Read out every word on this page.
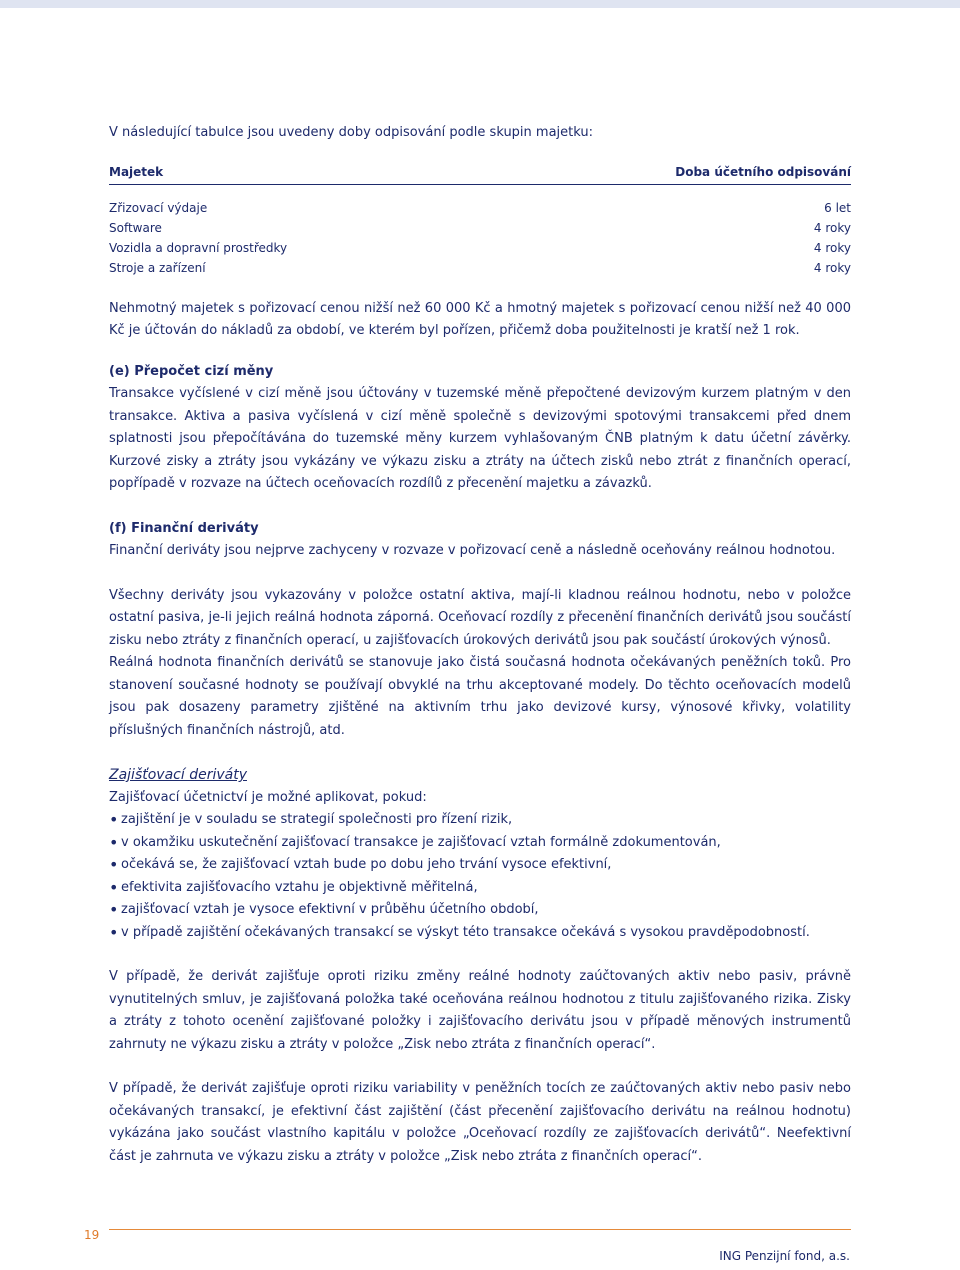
V následující tabulce jsou uvedeny doby odpisování podle skupin majetku:

Majetek	Doba účetního odpisování
Zřizovací výdaje	6 let
Software	4 roky
Vozidla a dopravní prostředky	4 roky
Stroje a zařízení	4 roky

Nehmotný majetek s pořizovací cenou nižší než 60 000 Kč a hmotný majetek s pořizovací cenou nižší než 40 000 Kč je účtován do nákladů za období, ve kterém byl pořízen, přičemž doba použitelnosti je kratší než 1 rok.

(e) Přepočet cizí měny

Transakce vyčíslené v cizí měně jsou účtovány v tuzemské měně přepočtené devizovým kurzem platným v den transakce. Aktiva a pasiva vyčíslená v cizí měně společně s devizovými spotovými transakcemi před dnem splatnosti jsou přepočítávána do tuzemské měny kurzem vyhlašovaným ČNB platným k datu účetní závěrky. Kurzové zisky a ztráty jsou vykázány ve výkazu zisku a ztráty na účtech zisků nebo ztrát z finančních operací, popřípadě v rozvaze na účtech oceňovacích rozdílů z přecenění majetku a závazků.

(f) Finanční deriváty

Finanční deriváty jsou nejprve zachyceny v rozvaze v pořizovací ceně a následně oceňovány reálnou hodnotou.

Všechny deriváty jsou vykazovány v položce ostatní aktiva, mají-li kladnou reálnou hodnotu, nebo v položce ostatní pasiva, je-li jejich reálná hodnota záporná. Oceňovací rozdíly z přecenění finančních derivátů jsou součástí zisku nebo ztráty z finančních operací, u zajišťovacích úrokových derivátů jsou pak součástí úrokových výnosů.

Reálná hodnota finančních derivátů se stanovuje jako čistá současná hodnota očekávaných peněžních toků. Pro stanovení současné hodnoty se používají obvyklé na trhu akceptované modely. Do těchto oceňovacích modelů jsou pak dosazeny parametry zjištěné na aktivním trhu jako devizové kursy, výnosové křivky, volatility příslušných finančních nástrojů, atd.

Zajišťovací deriváty

Zajišťovací účetnictví je možné aplikovat, pokud:

• zajištění je v souladu se strategií společnosti pro řízení rizik,
• v okamžiku uskutečnění zajišťovací transakce je zajišťovací vztah formálně zdokumentován,
• očekává se, že zajišťovací vztah bude po dobu jeho trvání vysoce efektivní,
• efektivita zajišťovacího vztahu je objektivně měřitelná,
• zajišťovací vztah je vysoce efektivní v průběhu účetního období,
• v případě zajištění očekávaných transakcí se výskyt této transakce očekává s vysokou pravděpodobností.

V případě, že derivát zajišťuje oproti riziku změny reálné hodnoty zaúčtovaných aktiv nebo pasiv, právně vynutitelných smluv, je zajišťovaná položka také oceňována reálnou hodnotou z titulu zajišťovaného rizika. Zisky a ztráty z tohoto ocenění zajišťované položky i zajišťovacího derivátu jsou v případě měnových instrumentů zahrnuty ne výkazu zisku a ztráty v položce „Zisk nebo ztráta z finančních operací“.

V případě, že derivát zajišťuje oproti riziku variability v peněžních tocích ze zaúčtovaných aktiv nebo pasiv nebo očekávaných transakcí, je efektivní část zajištění (část přecenění zajišťovacího derivátu na reálnou hodnotu) vykázána jako součást vlastního kapitálu v položce „Oceňovací rozdíly ze zajišťovacích derivátů“. Neefektivní část je zahrnuta ve výkazu zisku a ztráty v položce „Zisk nebo ztráta z finančních operací“.

19
ING Penzijní fond, a.s.
